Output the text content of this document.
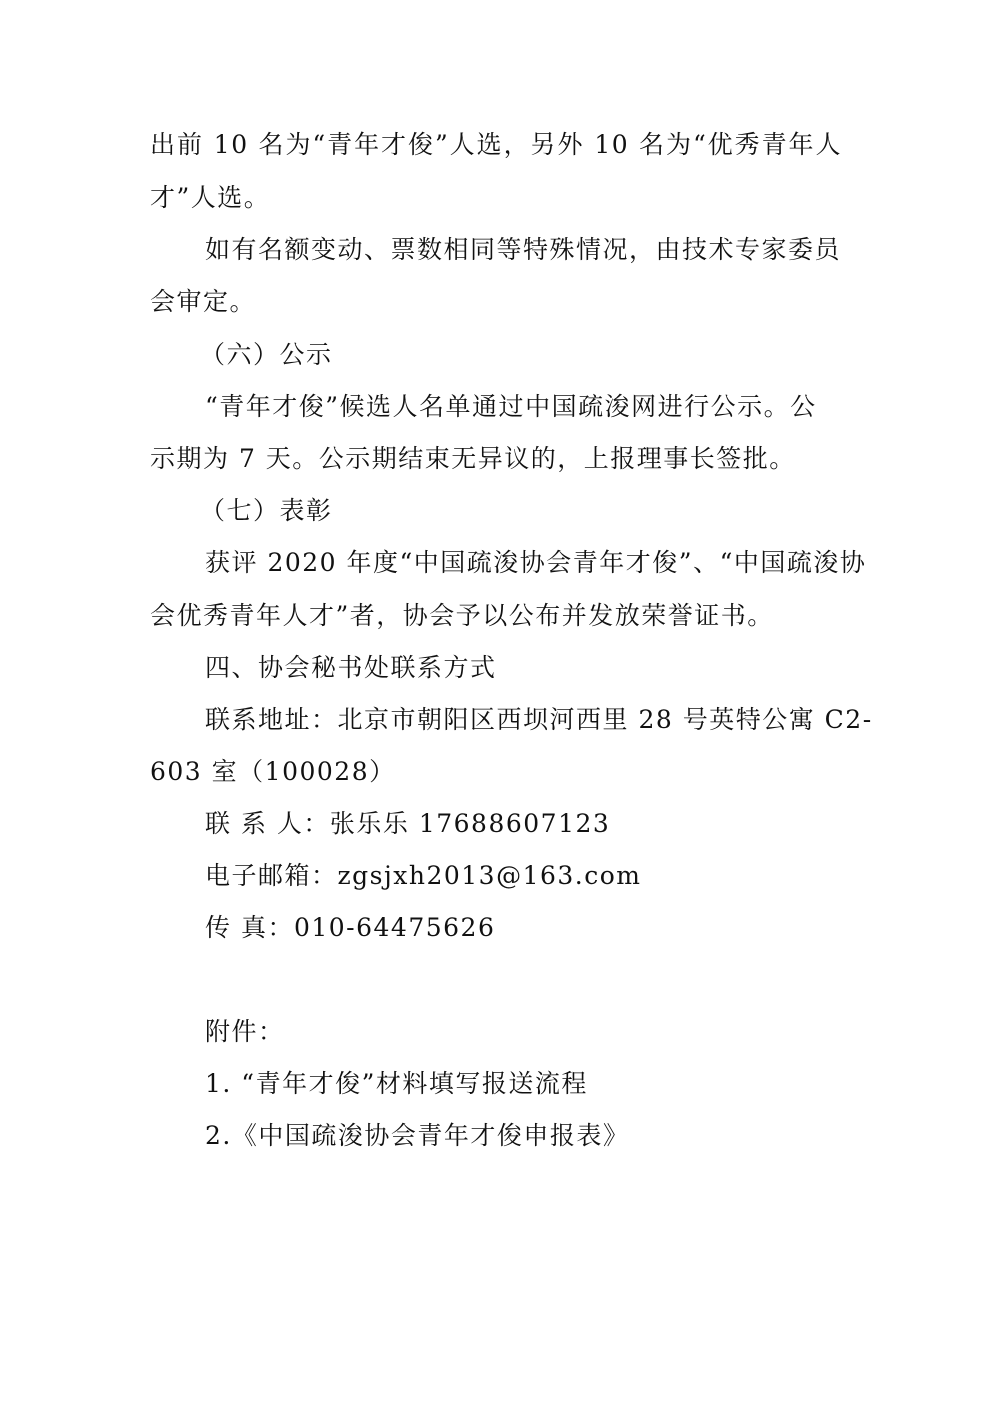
出前 10 名为“青年才俊”人选，另外 10 名为“优秀青年人
才”人选。
如有名额变动、票数相同等特殊情况，由技术专家委员
会审定。
（六）公示
“青年才俊”候选人名单通过中国疏浚网进行公示。公
示期为 7 天。公示期结束无异议的，上报理事长签批。
（七）表彰
获评 2020 年度“中国疏浚协会青年才俊”、“中国疏浚协
会优秀青年人才”者，协会予以公布并发放荣誉证书。
四、协会秘书处联系方式
联系地址：北京市朝阳区西坝河西里 28 号英特公寓 C2-
603 室（100028）
联 系 人：张乐乐 17688607123
电子邮箱：zgsjxh2013@163.com
传 真：010-64475626
附件：
1. “青年才俊”材料填写报送流程
2.《中国疏浚协会青年才俊申报表》
